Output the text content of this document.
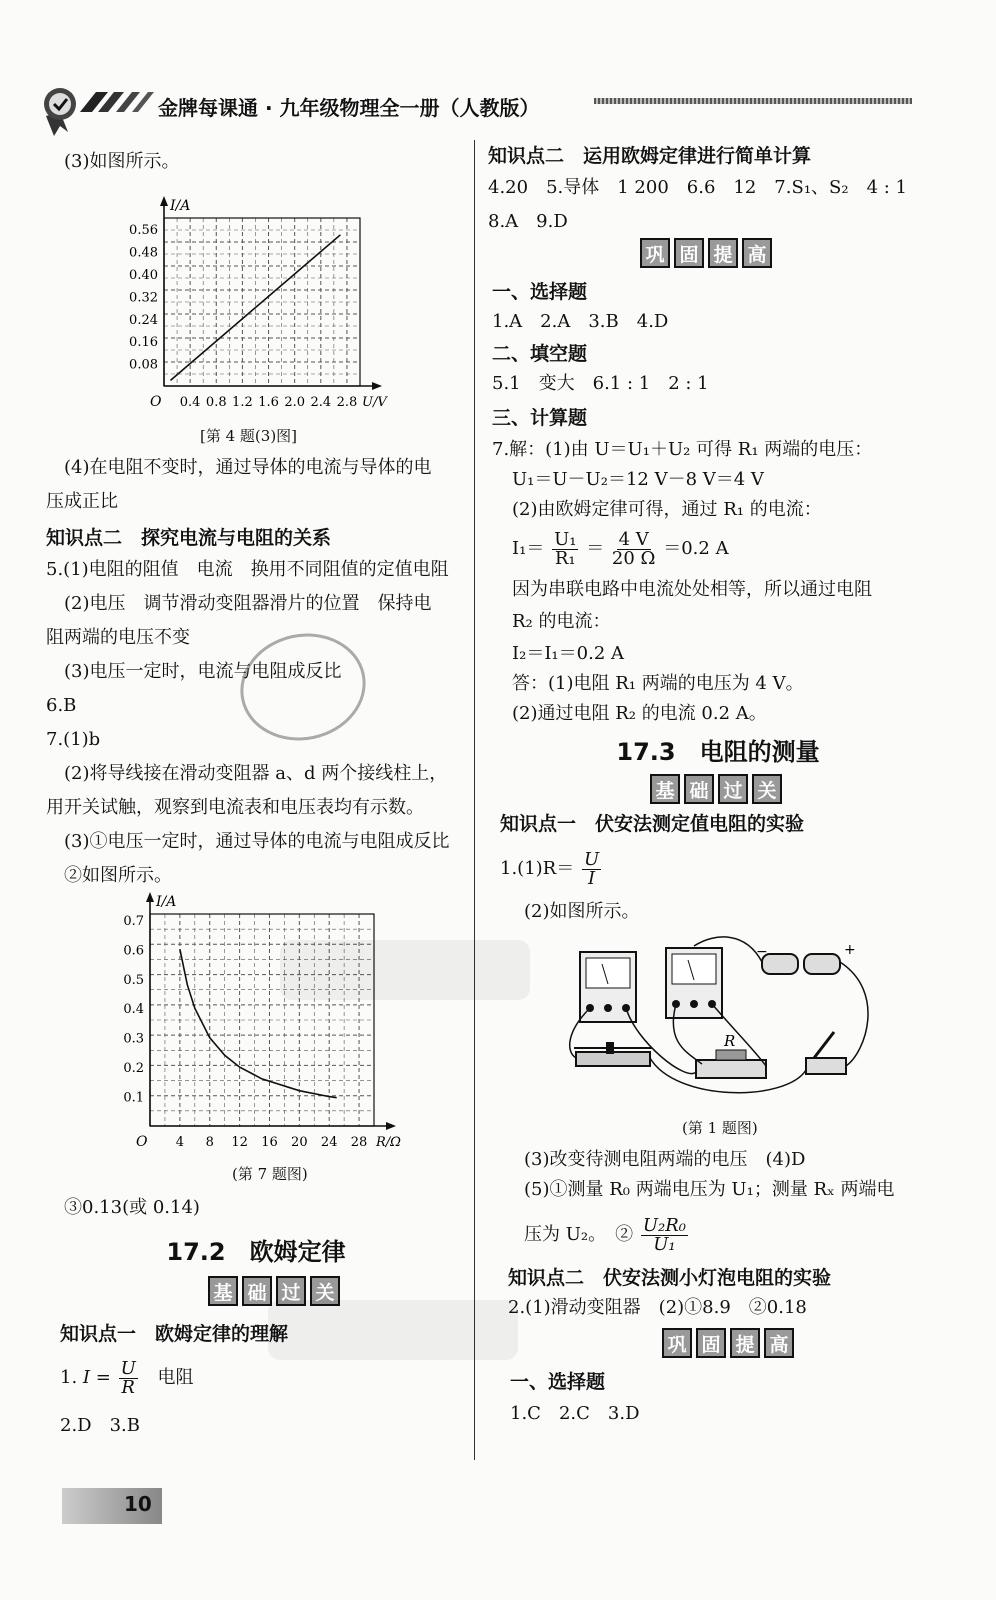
金牌每课通 · 九年级物理全一册（人教版）
(3)如图所示。
I/A
U/V
O 0.4 0.8 1.2 1.6 2.0 2.4 2.8
0.08
0.16
0.24
0.32
0.40
0.48
0.56
[第 4 题(3)图]
(4)在电阻不变时，通过导体的电流与导体的电
压成正比
知识点二　探究电流与电阻的关系
5.(1)电阻的阻值　电流　换用不同阻值的定值电阻
(2)电压　调节滑动变阻器滑片的位置　保持电
阻两端的电压不变
(3)电压一定时，电流与电阻成反比
6.B
7.(1)b
(2)将导线接在滑动变阻器 a、d 两个接线柱上，
用开关试触，观察到电流表和电压表均有示数。
(3)①电压一定时，通过导体的电流与电阻成反比
②如图所示。
I/A
R/Ω
O 4 8 12 16 20 24 28
0.1
0.2
0.3
0.4
0.5
0.6
0.7
(第 7 题图)
③0.13(或 0.14)
17.2　欧姆定律
基 础 过 关
知识点一　欧姆定律的理解
1. $I = \frac{U}{R}$ 电阻
2.D　3.B
10
知识点二　运用欧姆定律进行简单计算
4.20　5.导体　1 200　6.6　12　7.S₁、S₂　4 : 1
8.A　9.D
巩 固 提 高
一、选择题
1.A　2.A　3.B　4.D
二、填空题
5.1　变大　6.1 : 1　2 : 1
三、计算题
7.解：(1)由 U＝U₁＋U₂ 可得 R₁ 两端的电压：
U₁＝U－U₂＝12 V－8 V＝4 V
(2)由欧姆定律可得，通过 R₁ 的电流：
$I_1= \frac{\text{U₁}}{\text{R₁}} = \frac{4 V}{20 \Omega} =0.2$ A
因为串联电路中电流处处相等，所以通过电阻
R₂ 的电流：
I₂＝I₁＝0.2 A
答：(1)电阻 R₁ 两端的电压为 4 V。
(2)通过电阻 R₂ 的电流 0.2 A。
17.3　电阻的测量
基 础 过 关
知识点一　伏安法测定值电阻的实验
$1.(1)R= \frac{U}{I}$
(2)如图所示。
−	+
R
(第 1 题图)
(3)改变待测电阻两端的电压　(4)D
(5)①测量 R₀ 两端电压为 U₁；测量 Rₓ 两端电
压为 U₂。　② $\frac{\text{U₂R₀}}{\text{U₁}}$
知识点二　伏安法测小灯泡电阻的实验
2.(1)滑动变阻器　(2)①8.9　②0.18
巩 固 提 高
一、选择题
1.C　2.C　3.D
